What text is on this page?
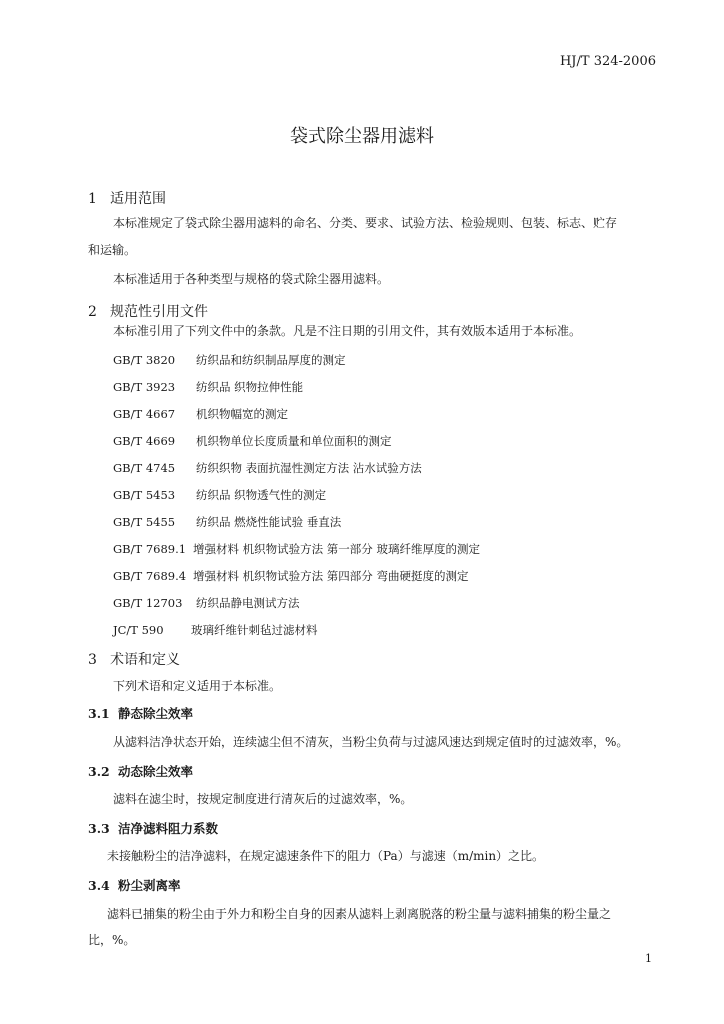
HJ/T 324-2006
袋式除尘器用滤料
1 适用范围
本标准规定了袋式除尘器用滤料的命名、分类、要求、试验方法、检验规则、包装、标志、贮存
和运输。
本标准适用于各种类型与规格的袋式除尘器用滤料。
2 规范性引用文件
本标准引用了下列文件中的条款。凡是不注日期的引用文件，其有效版本适用于本标准。
GB/T 3820 纺织品和纺织制品厚度的测定
GB/T 3923 纺织品 织物拉伸性能
GB/T 4667 机织物幅宽的测定
GB/T 4669 机织物单位长度质量和单位面积的测定
GB/T 4745 纺织织物 表面抗湿性测定方法 沾水试验方法
GB/T 5453 纺织品 织物透气性的测定
GB/T 5455 纺织品 燃烧性能试验 垂直法
GB/T 7689.1 增强材料 机织物试验方法 第一部分 玻璃纤维厚度的测定
GB/T 7689.4 增强材料 机织物试验方法 第四部分 弯曲硬挺度的测定
GB/T 12703 纺织品静电测试方法
JC/T 590 玻璃纤维针刺毡过滤材料
3 术语和定义
下列术语和定义适用于本标准。
3.1 静态除尘效率
从滤料洁净状态开始，连续滤尘但不清灰，当粉尘负荷与过滤风速达到规定值时的过滤效率，%。
3.2 动态除尘效率
滤料在滤尘时，按规定制度进行清灰后的过滤效率，%。
3.3 洁净滤料阻力系数
未接触粉尘的洁净滤料，在规定滤速条件下的阻力（Pa）与滤速（m/min）之比。
3.4 粉尘剥离率
滤料已捕集的粉尘由于外力和粉尘自身的因素从滤料上剥离脱落的粉尘量与滤料捕集的粉尘量之
比，%。
1
